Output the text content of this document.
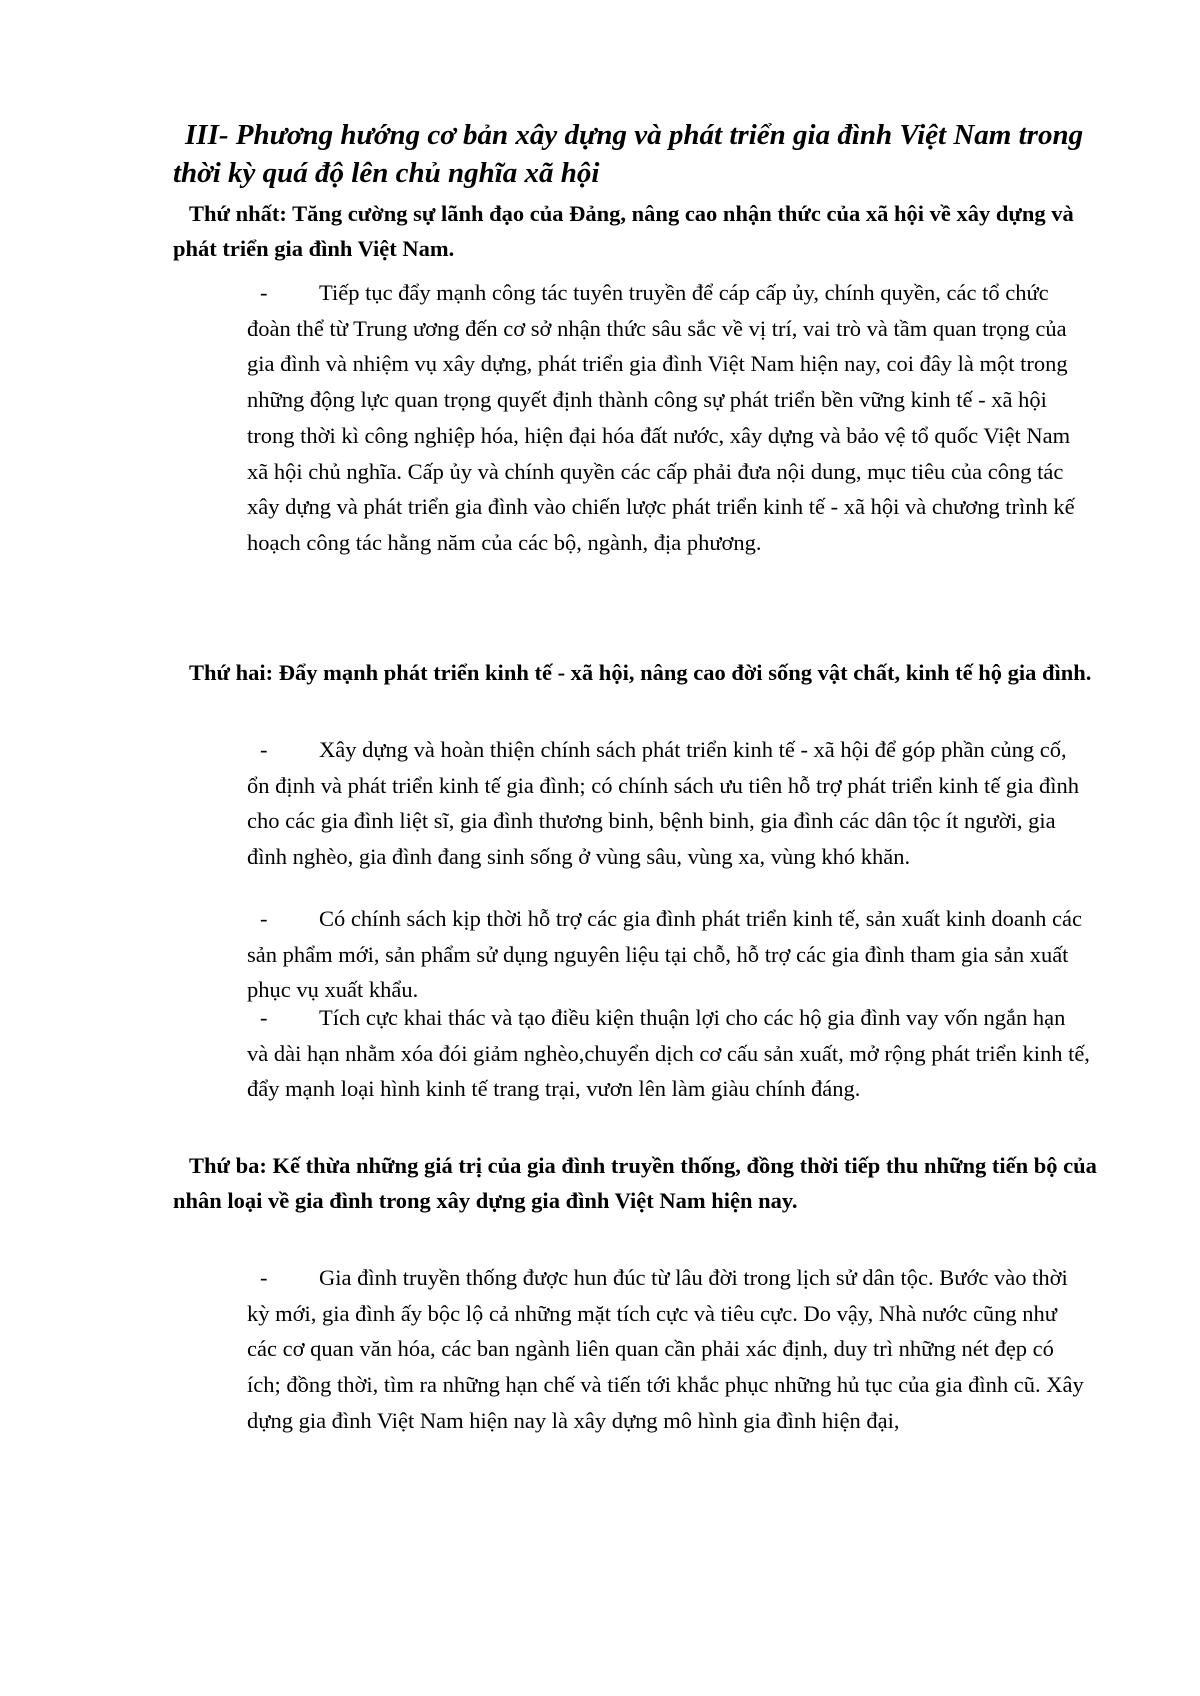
III- Phương hướng cơ bản xây dựng và phát triển gia đình Việt Nam trong thời kỳ quá độ lên chủ nghĩa xã hội

Thứ nhất: Tăng cường sự lãnh đạo của Đảng, nâng cao nhận thức của xã hội về xây dựng và phát triển gia đình Việt Nam.

-	Tiếp tục đẩy mạnh công tác tuyên truyền để cáp cấp ủy, chính quyền, các tổ chức đoàn thể từ Trung ương đến cơ sở nhận thức sâu sắc về vị trí, vai trò và tầm quan trọng của gia đình và nhiệm vụ xây dựng, phát triển gia đình Việt Nam hiện nay, coi đây là một trong những động lực quan trọng quyết định thành công sự phát triển bền vững kinh tế - xã hội trong thời kì công nghiệp hóa, hiện đại hóa đất nước, xây dựng và bảo vệ tổ quốc Việt Nam xã hội chủ nghĩa. Cấp ủy và chính quyền các cấp phải đưa nội dung, mục tiêu của công tác xây dựng và phát triển gia đình vào chiến lược phát triển kinh tế - xã hội và chương trình kế hoạch công tác hằng năm của các bộ, ngành, địa phương.

Thứ hai: Đẩy mạnh phát triển kinh tế - xã hội, nâng cao đời sống vật chất, kinh tế hộ gia đình.

-	Xây dựng và hoàn thiện chính sách phát triển kinh tế - xã hội để góp phần củng cố, ổn định và phát triển kinh tế gia đình; có chính sách ưu tiên hỗ trợ phát triển kinh tế gia đình cho các gia đình liệt sĩ, gia đình thương binh, bệnh binh, gia đình các dân tộc ít người, gia đình nghèo, gia đình đang sinh sống ở vùng sâu, vùng xa, vùng khó khăn.

-	Có chính sách kịp thời hỗ trợ các gia đình phát triển kinh tế, sản xuất kinh doanh các sản phẩm mới, sản phẩm sử dụng nguyên liệu tại chỗ, hỗ trợ các gia đình tham gia sản xuất phục vụ xuất khẩu.

-	Tích cực khai thác và tạo điều kiện thuận lợi cho các hộ gia đình vay vốn ngắn hạn và dài hạn nhằm xóa đói giảm nghèo,chuyển dịch cơ cấu sản xuất, mở rộng phát triển kinh tế, đẩy mạnh loại hình kinh tế trang trại, vươn lên làm giàu chính đáng.

Thứ ba: Kế thừa những giá trị của gia đình truyền thống, đồng thời tiếp thu những tiến bộ của nhân loại về gia đình trong xây dựng gia đình Việt Nam hiện nay.

-	Gia đình truyền thống được hun đúc từ lâu đời trong lịch sử dân tộc. Bước vào thời kỳ mới, gia đình ấy bộc lộ cả những mặt tích cực và tiêu cực. Do vậy, Nhà nước cũng như các cơ quan văn hóa, các ban ngành liên quan cần phải xác định, duy trì những nét đẹp có ích; đồng thời, tìm ra những hạn chế và tiến tới khắc phục những hủ tục của gia đình cũ. Xây dựng gia đình Việt Nam hiện nay là xây dựng mô hình gia đình hiện đại,
